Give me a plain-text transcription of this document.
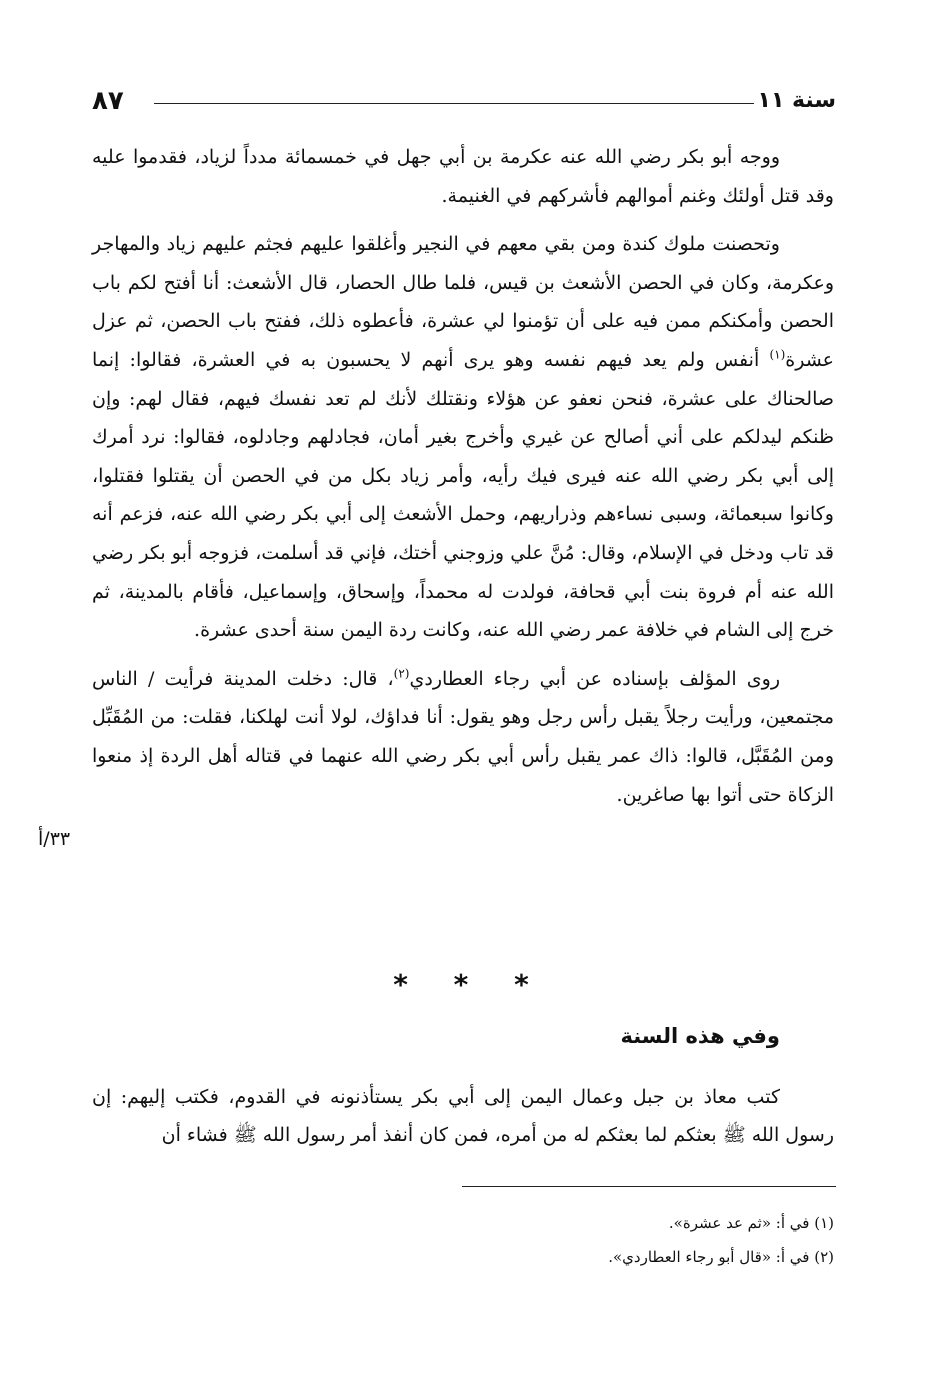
سنة ١١
٨٧

ووجه أبو بكر رضي الله عنه عكرمة بن أبي جهل في خمسمائة مدداً لزياد، فقدموا عليه وقد قتل أولئك وغنم أموالهم فأشركهم في الغنيمة.

وتحصنت ملوك كندة ومن بقي معهم في النجير وأغلقوا عليهم فجثم عليهم زياد والمهاجر وعكرمة، وكان في الحصن الأشعث بن قيس، فلما طال الحصار، قال الأشعث: أنا أفتح لكم باب الحصن وأمكنكم ممن فيه على أن تؤمنوا لي عشرة، فأعطوه ذلك، ففتح باب الحصن، ثم عزل عشرة$^{(١)}$ أنفس ولم يعد فيهم نفسه وهو يرى أنهم لا يحسبون به في العشرة، فقالوا: إنما صالحناك على عشرة، فنحن نعفو عن هؤلاء ونقتلك لأنك لم تعد نفسك فيهم، فقال لهم: وإن ظنكم ليدلكم على أني أصالح عن غيري وأخرج بغير أمان، فجادلهم وجادلوه، فقالوا: نرد أمرك إلى أبي بكر رضي الله عنه فيرى فيك رأيه، وأمر زياد بكل من في الحصن أن يقتلوا فقتلوا، وكانوا سبعمائة، وسبى نساءهم وذراريهم، وحمل الأشعث إلى أبي بكر رضي الله عنه، فزعم أنه قد تاب ودخل في الإسلام، وقال: مُنَّ علي وزوجني أختك، فإني قد أسلمت، فزوجه أبو بكر رضي الله عنه أم فروة بنت أبي قحافة، فولدت له محمداً، وإسحاق، وإسماعيل، فأقام بالمدينة، ثم خرج إلى الشام في خلافة عمر رضي الله عنه، وكانت ردة اليمن سنة أحدى عشرة.

روى المؤلف بإسناده عن أبي رجاء العطاردي$^{(٢)}$، قال: دخلت المدينة فرأيت / الناس مجتمعين، ورأيت رجلاً يقبل رأس رجل وهو يقول: أنا فداؤك، لولا أنت لهلكنا، فقلت: من المُقَبِّل ومن المُقَبَّل، قالوا: ذاك عمر يقبل رأس أبي بكر رضي الله عنهما في قتاله أهل الردة إذ منعوا الزكاة حتى أتوا بها صاغرين.

٣٣/أ
* * *
وفي هذه السنة

كتب معاذ بن جبل وعمال اليمن إلى أبي بكر يستأذنونه في القدوم، فكتب إليهم: إن رسول الله ﷺ بعثكم لما بعثكم له من أمره، فمن كان أنفذ أمر رسول الله ﷺ فشاء أن

(١) في أ: «ثم عد عشرة».

(٢) في أ: «قال أبو رجاء العطاردي».
